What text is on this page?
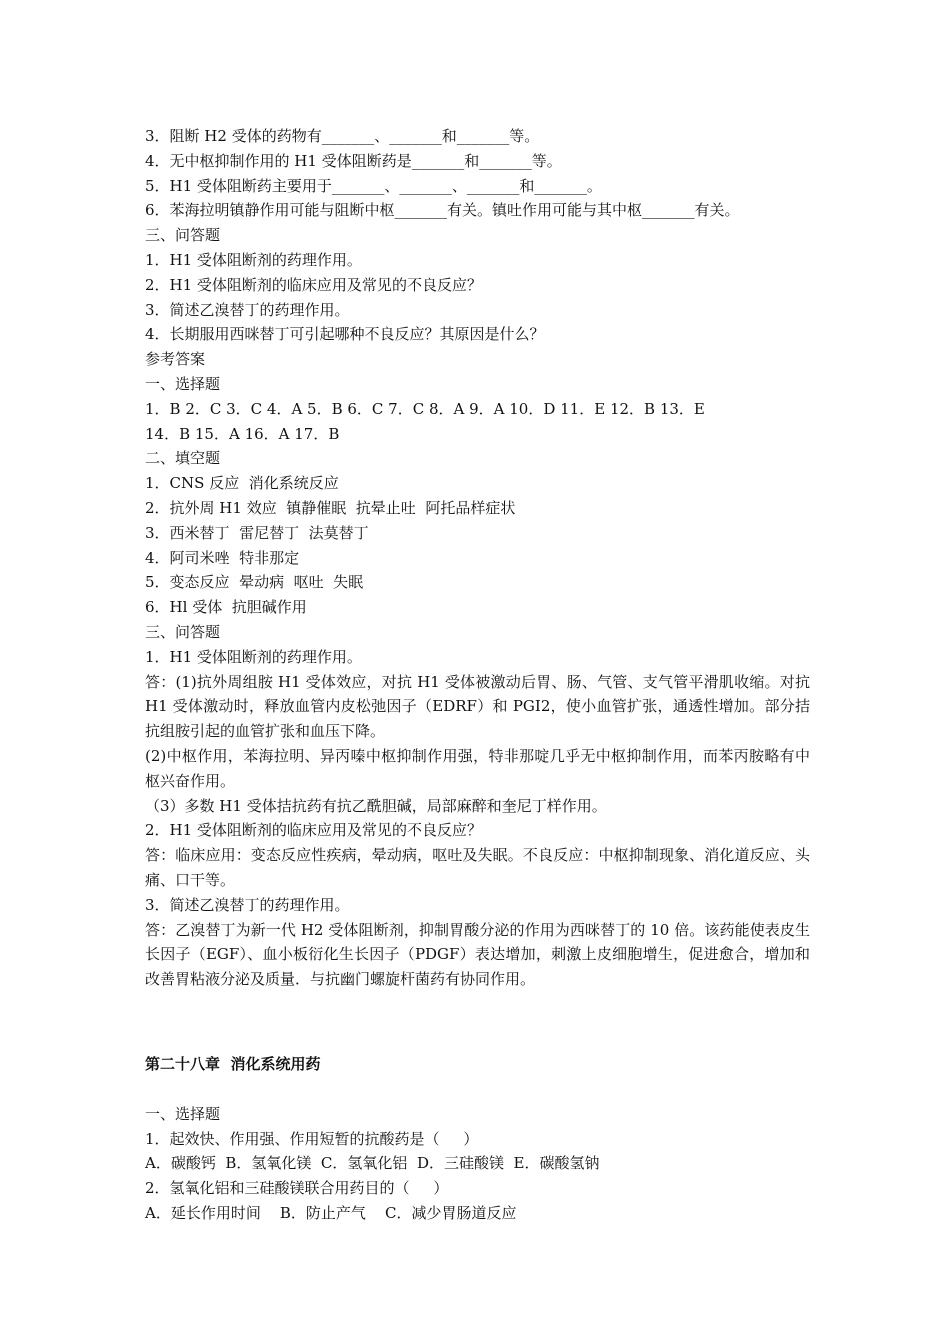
3．阻断 H2 受体的药物有_______、_______和_______等。
4．无中枢抑制作用的 H1 受体阻断药是_______和_______等。
5．H1 受体阻断药主要用于_______、_______、_______和_______。
6．苯海拉明镇静作用可能与阻断中枢_______有关。镇吐作用可能与其中枢_______有关。
三、问答题
1．H1 受体阻断剂的药理作用。
2．H1 受体阻断剂的临床应用及常见的不良反应？
3．简述乙溴替丁的药理作用。
4．长期服用西咪替丁可引起哪种不良反应？其原因是什么？
参考答案
一、选择题
1．B 2．C 3．C 4．A 5．B 6．C 7．C 8．A 9．A 10．D 11．E 12．B 13．E
14．B 15．A 16．A 17．B
二、填空题
1．CNS 反应  消化系统反应
2．抗外周 H1 效应  镇静催眠  抗晕止吐  阿托品样症状
3．西米替丁  雷尼替丁  法莫替丁
4．阿司米唑  特非那定
5．变态反应  晕动病  呕吐  失眠
6．Hl 受体  抗胆碱作用
三、问答题
1．H1 受体阻断剂的药理作用。
答：(1)抗外周组胺 H1 受体效应，对抗 H1 受体被激动后胃、肠、气管、支气管平滑肌收缩。对抗 H1 受体激动时，释放血管内皮松弛因子（EDRF）和 PGI2，使小血管扩张，通透性增加。部分拮抗组胺引起的血管扩张和血压下降。
(2)中枢作用，苯海拉明、异丙嗪中枢抑制作用强，特非那啶几乎无中枢抑制作用，而苯丙胺略有中枢兴奋作用。
（3）多数 H1 受体拮抗药有抗乙酰胆碱，局部麻醉和奎尼丁样作用。
2．H1 受体阻断剂的临床应用及常见的不良反应？
答：临床应用：变态反应性疾病，晕动病，呕吐及失眠。不良反应：中枢抑制现象、消化道反应、头痛、口干等。
3．简述乙溴替丁的药理作用。
答：乙溴替丁为新一代 H2 受体阻断剂，抑制胃酸分泌的作用为西咪替丁的 10 倍。该药能使表皮生长因子（EGF）、血小板衍化生长因子（PDGF）表达增加，刺激上皮细胞增生，促进愈合，增加和改善胃粘液分泌及质量．与抗幽门螺旋杆菌药有协同作用。
第二十八章  消化系统用药
一、选择题
1．起效快、作用强、作用短暂的抗酸药是（     ）
A．碳酸钙  B．氢氧化镁  C．氢氧化铝  D．三硅酸镁  E．碳酸氢钠
2．氢氧化铝和三硅酸镁联合用药目的（     ）
A．延长作用时间    B．防止产气    C．减少胃肠道反应
